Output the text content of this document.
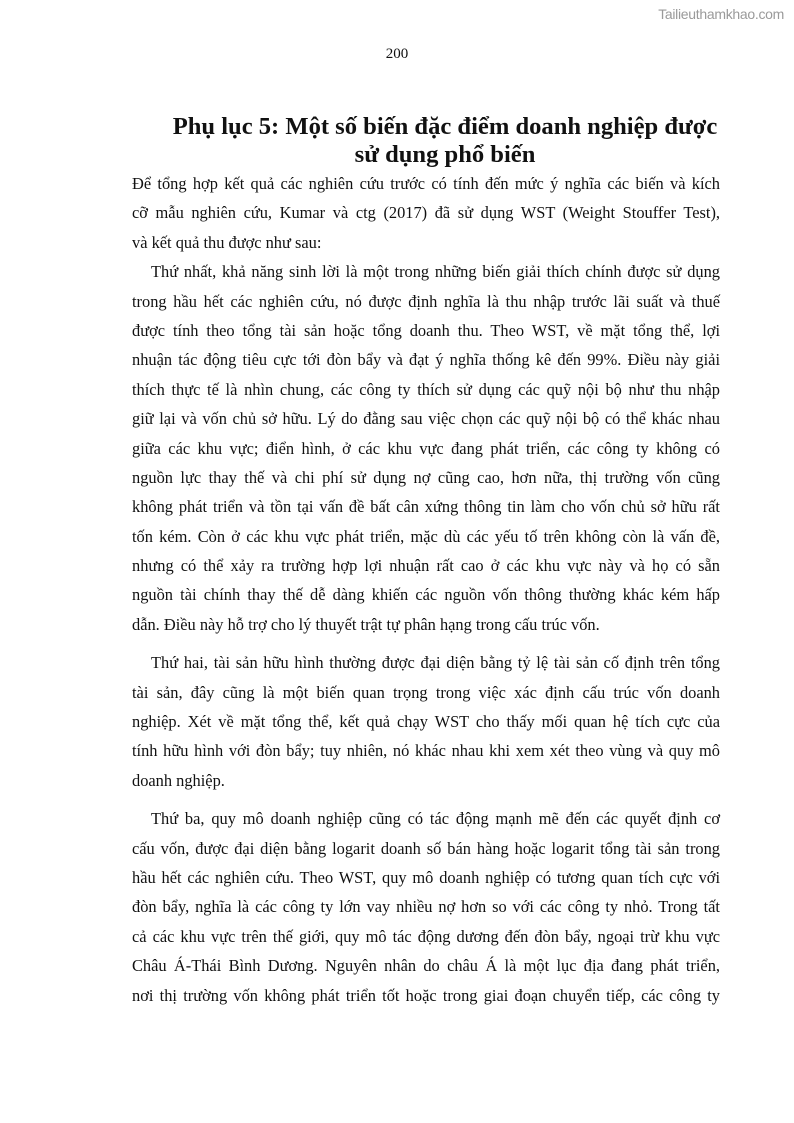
Tailieuthamkhao.com
200
Phụ lục 5: Một số biến đặc điểm doanh nghiệp được sử dụng phổ biến

Để tổng hợp kết quả các nghiên cứu trước có tính đến mức ý nghĩa các biến và kích
cỡ mẫu nghiên cứu, Kumar và ctg (2017) đã sử dụng WST (Weight Stouffer Test),
và kết quả thu được như sau:
Thứ nhất, khả năng sinh lời là một trong những biến giải thích chính được sử dụng
trong hầu hết các nghiên cứu, nó được định nghĩa là thu nhập trước lãi suất và thuế
được tính theo tổng tài sản hoặc tổng doanh thu. Theo WST, về mặt tổng thể, lợi
nhuận tác động tiêu cực tới đòn bẩy và đạt ý nghĩa thống kê đến 99%. Điều này giải
thích thực tế là nhìn chung, các công ty thích sử dụng các quỹ nội bộ như thu nhập
giữ lại và vốn chủ sở hữu. Lý do đằng sau việc chọn các quỹ nội bộ có thể khác nhau
giữa các khu vực; điển hình, ở các khu vực đang phát triển, các công ty không có
nguồn lực thay thế và chi phí sử dụng nợ cũng cao, hơn nữa, thị trường vốn cũng
không phát triển và tồn tại vấn đề bất cân xứng thông tin làm cho vốn chủ sở hữu rất
tốn kém. Còn ở các khu vực phát triển, mặc dù các yếu tố trên không còn là vấn đề,
nhưng có thể xảy ra trường hợp lợi nhuận rất cao ở các khu vực này và họ có sẵn
nguồn tài chính thay thế dễ dàng khiến các nguồn vốn thông thường khác kém hấp
dẫn. Điều này hỗ trợ cho lý thuyết trật tự phân hạng trong cấu trúc vốn.

Thứ hai, tài sản hữu hình thường được đại diện bằng tỷ lệ tài sản cố định trên tổng
tài sản, đây cũng là một biến quan trọng trong việc xác định cấu trúc vốn doanh
nghiệp. Xét về mặt tổng thể, kết quả chạy WST cho thấy mối quan hệ tích cực của
tính hữu hình với đòn bẩy; tuy nhiên, nó khác nhau khi xem xét theo vùng và quy mô
doanh nghiệp.

Thứ ba, quy mô doanh nghiệp cũng có tác động mạnh mẽ đến các quyết định cơ
cấu vốn, được đại diện bằng logarit doanh số bán hàng hoặc logarit tổng tài sản trong
hầu hết các nghiên cứu. Theo WST, quy mô doanh nghiệp có tương quan tích cực với
đòn bẩy, nghĩa là các công ty lớn vay nhiều nợ hơn so với các công ty nhỏ. Trong tất
cả các khu vực trên thế giới, quy mô tác động dương đến đòn bẩy, ngoại trừ khu vực
Châu Á-Thái Bình Dương. Nguyên nhân do châu Á là một lục địa đang phát triển,
nơi thị trường vốn không phát triển tốt hoặc trong giai đoạn chuyển tiếp, các công ty
